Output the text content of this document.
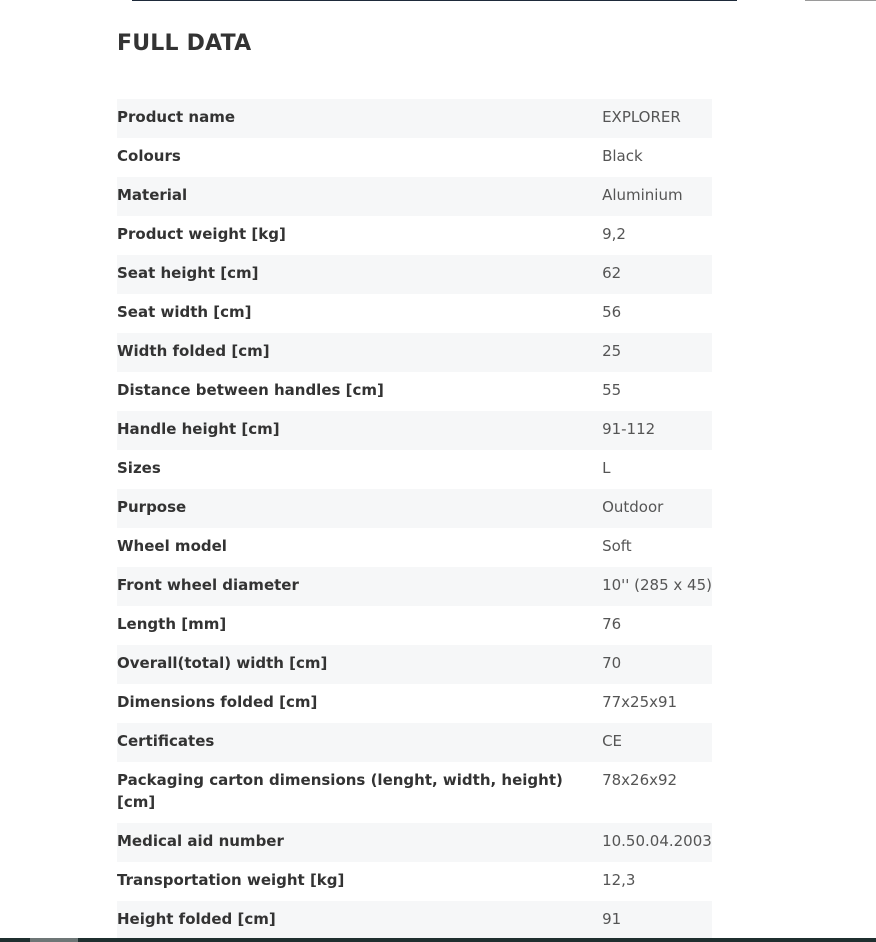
FULL DATA
Product name	EXPLORER

Colours	Black

Material	Aluminium

Product weight [kg]	9,2

Seat height [cm]	62

Seat width [cm]	56

Width folded [cm]	25

Distance between handles [cm]	55

Handle height [cm]	91-112

Sizes	L

Purpose	Outdoor

Wheel model	Soft

Front wheel diameter	10'' (285 x 45)

Length [mm]	76

Overall(total) width [cm]	70

Dimensions folded [cm]	77x25x91

Certificates	CE

Packaging carton dimensions (lenght, width, height) [cm]	78x26x92

Medical aid number	10.50.04.2003

Transportation weight [kg]	12,3

Height folded [cm]	91
